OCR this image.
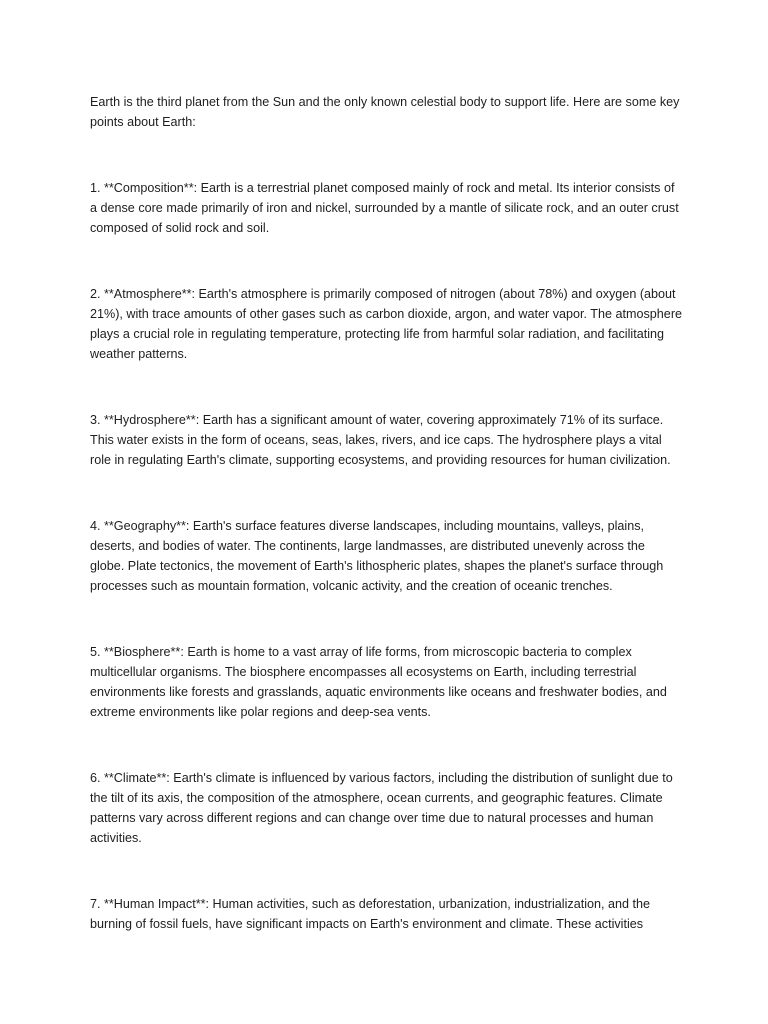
Earth is the third planet from the Sun and the only known celestial body to support life. Here are some key points about Earth:

1. **Composition**: Earth is a terrestrial planet composed mainly of rock and metal. Its interior consists of a dense core made primarily of iron and nickel, surrounded by a mantle of silicate rock, and an outer crust composed of solid rock and soil.

2. **Atmosphere**: Earth's atmosphere is primarily composed of nitrogen (about 78%) and oxygen (about 21%), with trace amounts of other gases such as carbon dioxide, argon, and water vapor. The atmosphere plays a crucial role in regulating temperature, protecting life from harmful solar radiation, and facilitating weather patterns.

3. **Hydrosphere**: Earth has a significant amount of water, covering approximately 71% of its surface. This water exists in the form of oceans, seas, lakes, rivers, and ice caps. The hydrosphere plays a vital role in regulating Earth's climate, supporting ecosystems, and providing resources for human civilization.

4. **Geography**: Earth's surface features diverse landscapes, including mountains, valleys, plains, deserts, and bodies of water. The continents, large landmasses, are distributed unevenly across the globe. Plate tectonics, the movement of Earth's lithospheric plates, shapes the planet's surface through processes such as mountain formation, volcanic activity, and the creation of oceanic trenches.

5. **Biosphere**: Earth is home to a vast array of life forms, from microscopic bacteria to complex multicellular organisms. The biosphere encompasses all ecosystems on Earth, including terrestrial environments like forests and grasslands, aquatic environments like oceans and freshwater bodies, and extreme environments like polar regions and deep-sea vents.

6. **Climate**: Earth's climate is influenced by various factors, including the distribution of sunlight due to the tilt of its axis, the composition of the atmosphere, ocean currents, and geographic features. Climate patterns vary across different regions and can change over time due to natural processes and human activities.

7. **Human Impact**: Human activities, such as deforestation, urbanization, industrialization, and the burning of fossil fuels, have significant impacts on Earth's environment and climate. These activities
